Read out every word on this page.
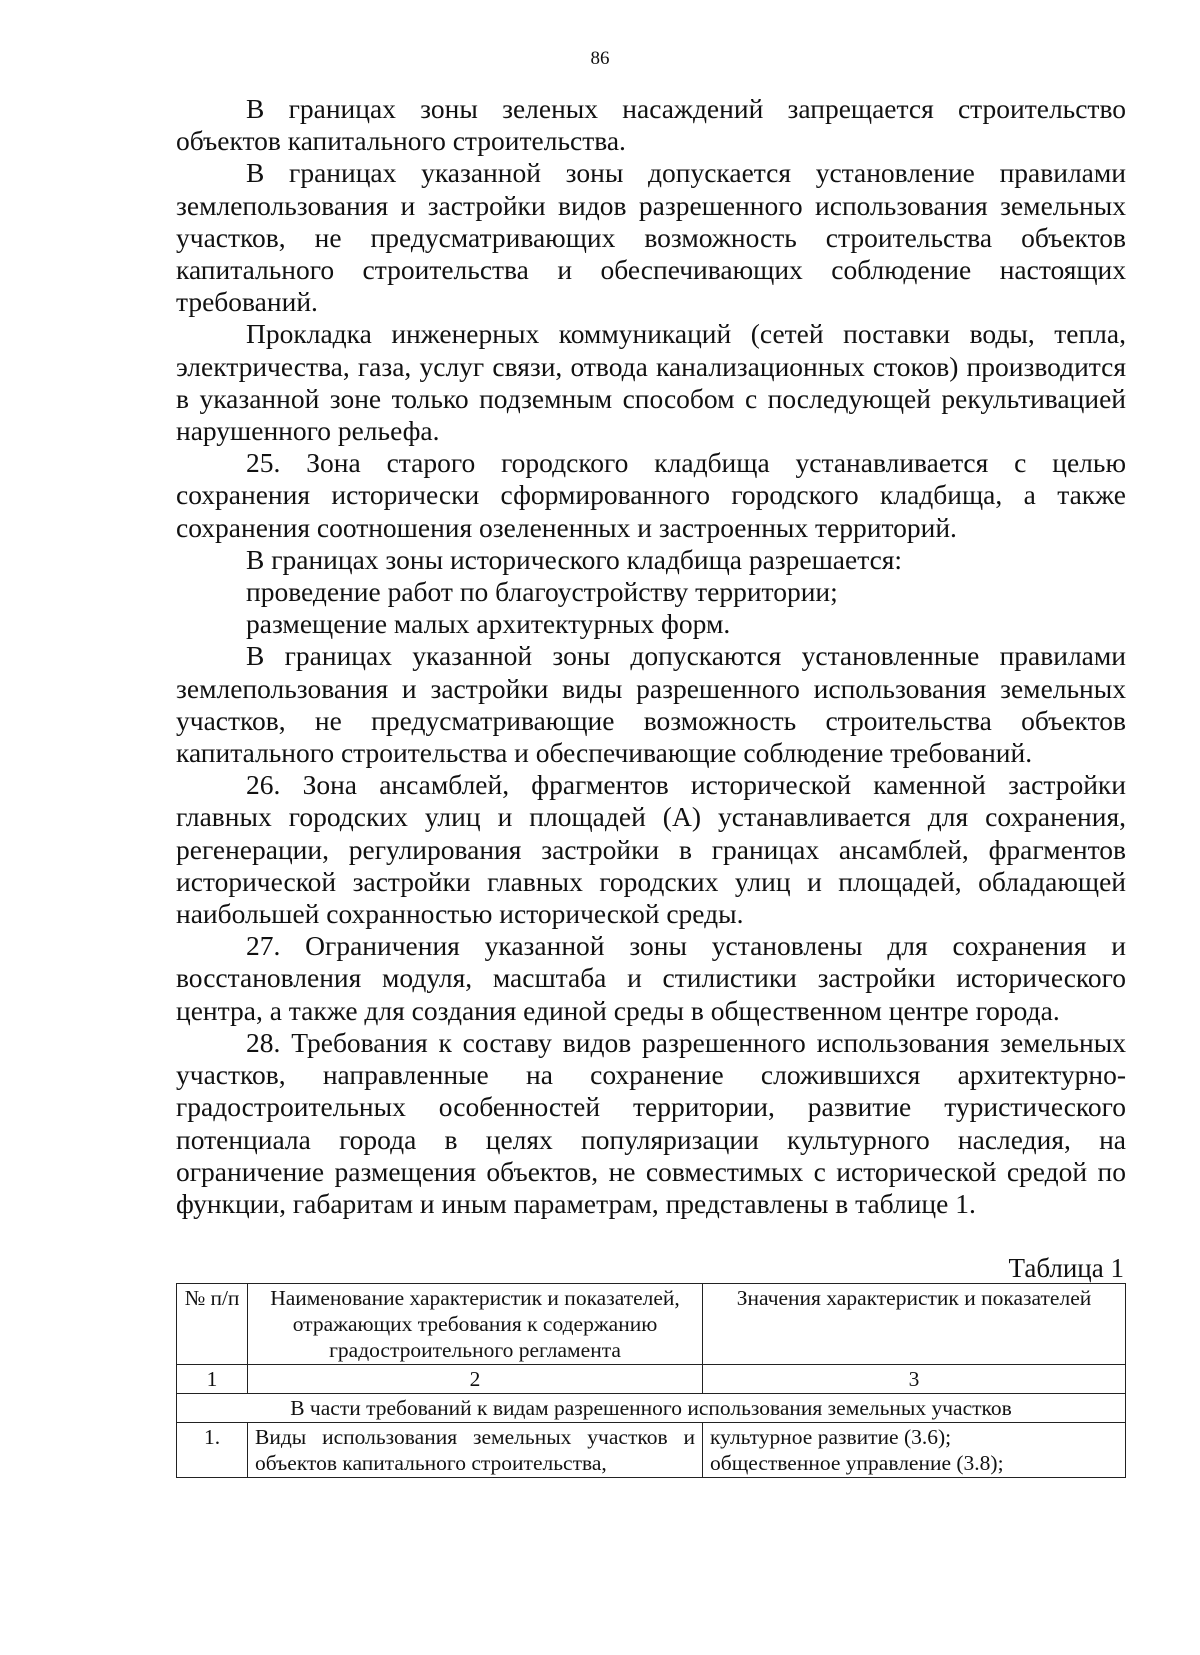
86

В границах зоны зеленых насаждений запрещается строительство объектов капитального строительства.

В границах указанной зоны допускается установление правилами землепользования и застройки видов разрешенного использования земельных участков, не предусматривающих возможность строительства объектов капитального строительства и обеспечивающих соблюдение настоящих требований.

Прокладка инженерных коммуникаций (сетей поставки воды, тепла, электричества, газа, услуг связи, отвода канализационных стоков) производится в указанной зоне только подземным способом с последующей рекультивацией нарушенного рельефа.

25. Зона старого городского кладбища устанавливается с целью сохранения исторически сформированного городского кладбища, а также сохранения соотношения озелененных и застроенных территорий.

В границах зоны исторического кладбища разрешается:

проведение работ по благоустройству территории;

размещение малых архитектурных форм.

В границах указанной зоны допускаются установленные правилами землепользования и застройки виды разрешенного использования земельных участков, не предусматривающие возможность строительства объектов капитального строительства и обеспечивающие соблюдение требований.

26. Зона ансамблей, фрагментов исторической каменной застройки главных городских улиц и площадей (А) устанавливается для сохранения, регенерации, регулирования застройки в границах ансамблей, фрагментов исторической застройки главных городских улиц и площадей, обладающей наибольшей сохранностью исторической среды.

27. Ограничения указанной зоны установлены для сохранения и восстановления модуля, масштаба и стилистики застройки исторического центра, а также для создания единой среды в общественном центре города.

28. Требования к составу видов разрешенного использования земельных участков, направленные на сохранение сложившихся архитектурно-градостроительных особенностей территории, развитие туристического потенциала города в целях популяризации культурного наследия, на ограничение размещения объектов, не совместимых с исторической средой по функции, габаритам и иным параметрам, представлены в таблице 1.

Таблица 1
№ п/п	Наименование характеристик и показателей, отражающих требования к содержанию градостроительного регламента	Значения характеристик и показателей
1	2	3
В части требований к видам разрешенного использования земельных участков		
1.	Виды использования земельных участков и объектов капитального строительства,	культурное развитие (3.6);
общественное управление (3.8);
